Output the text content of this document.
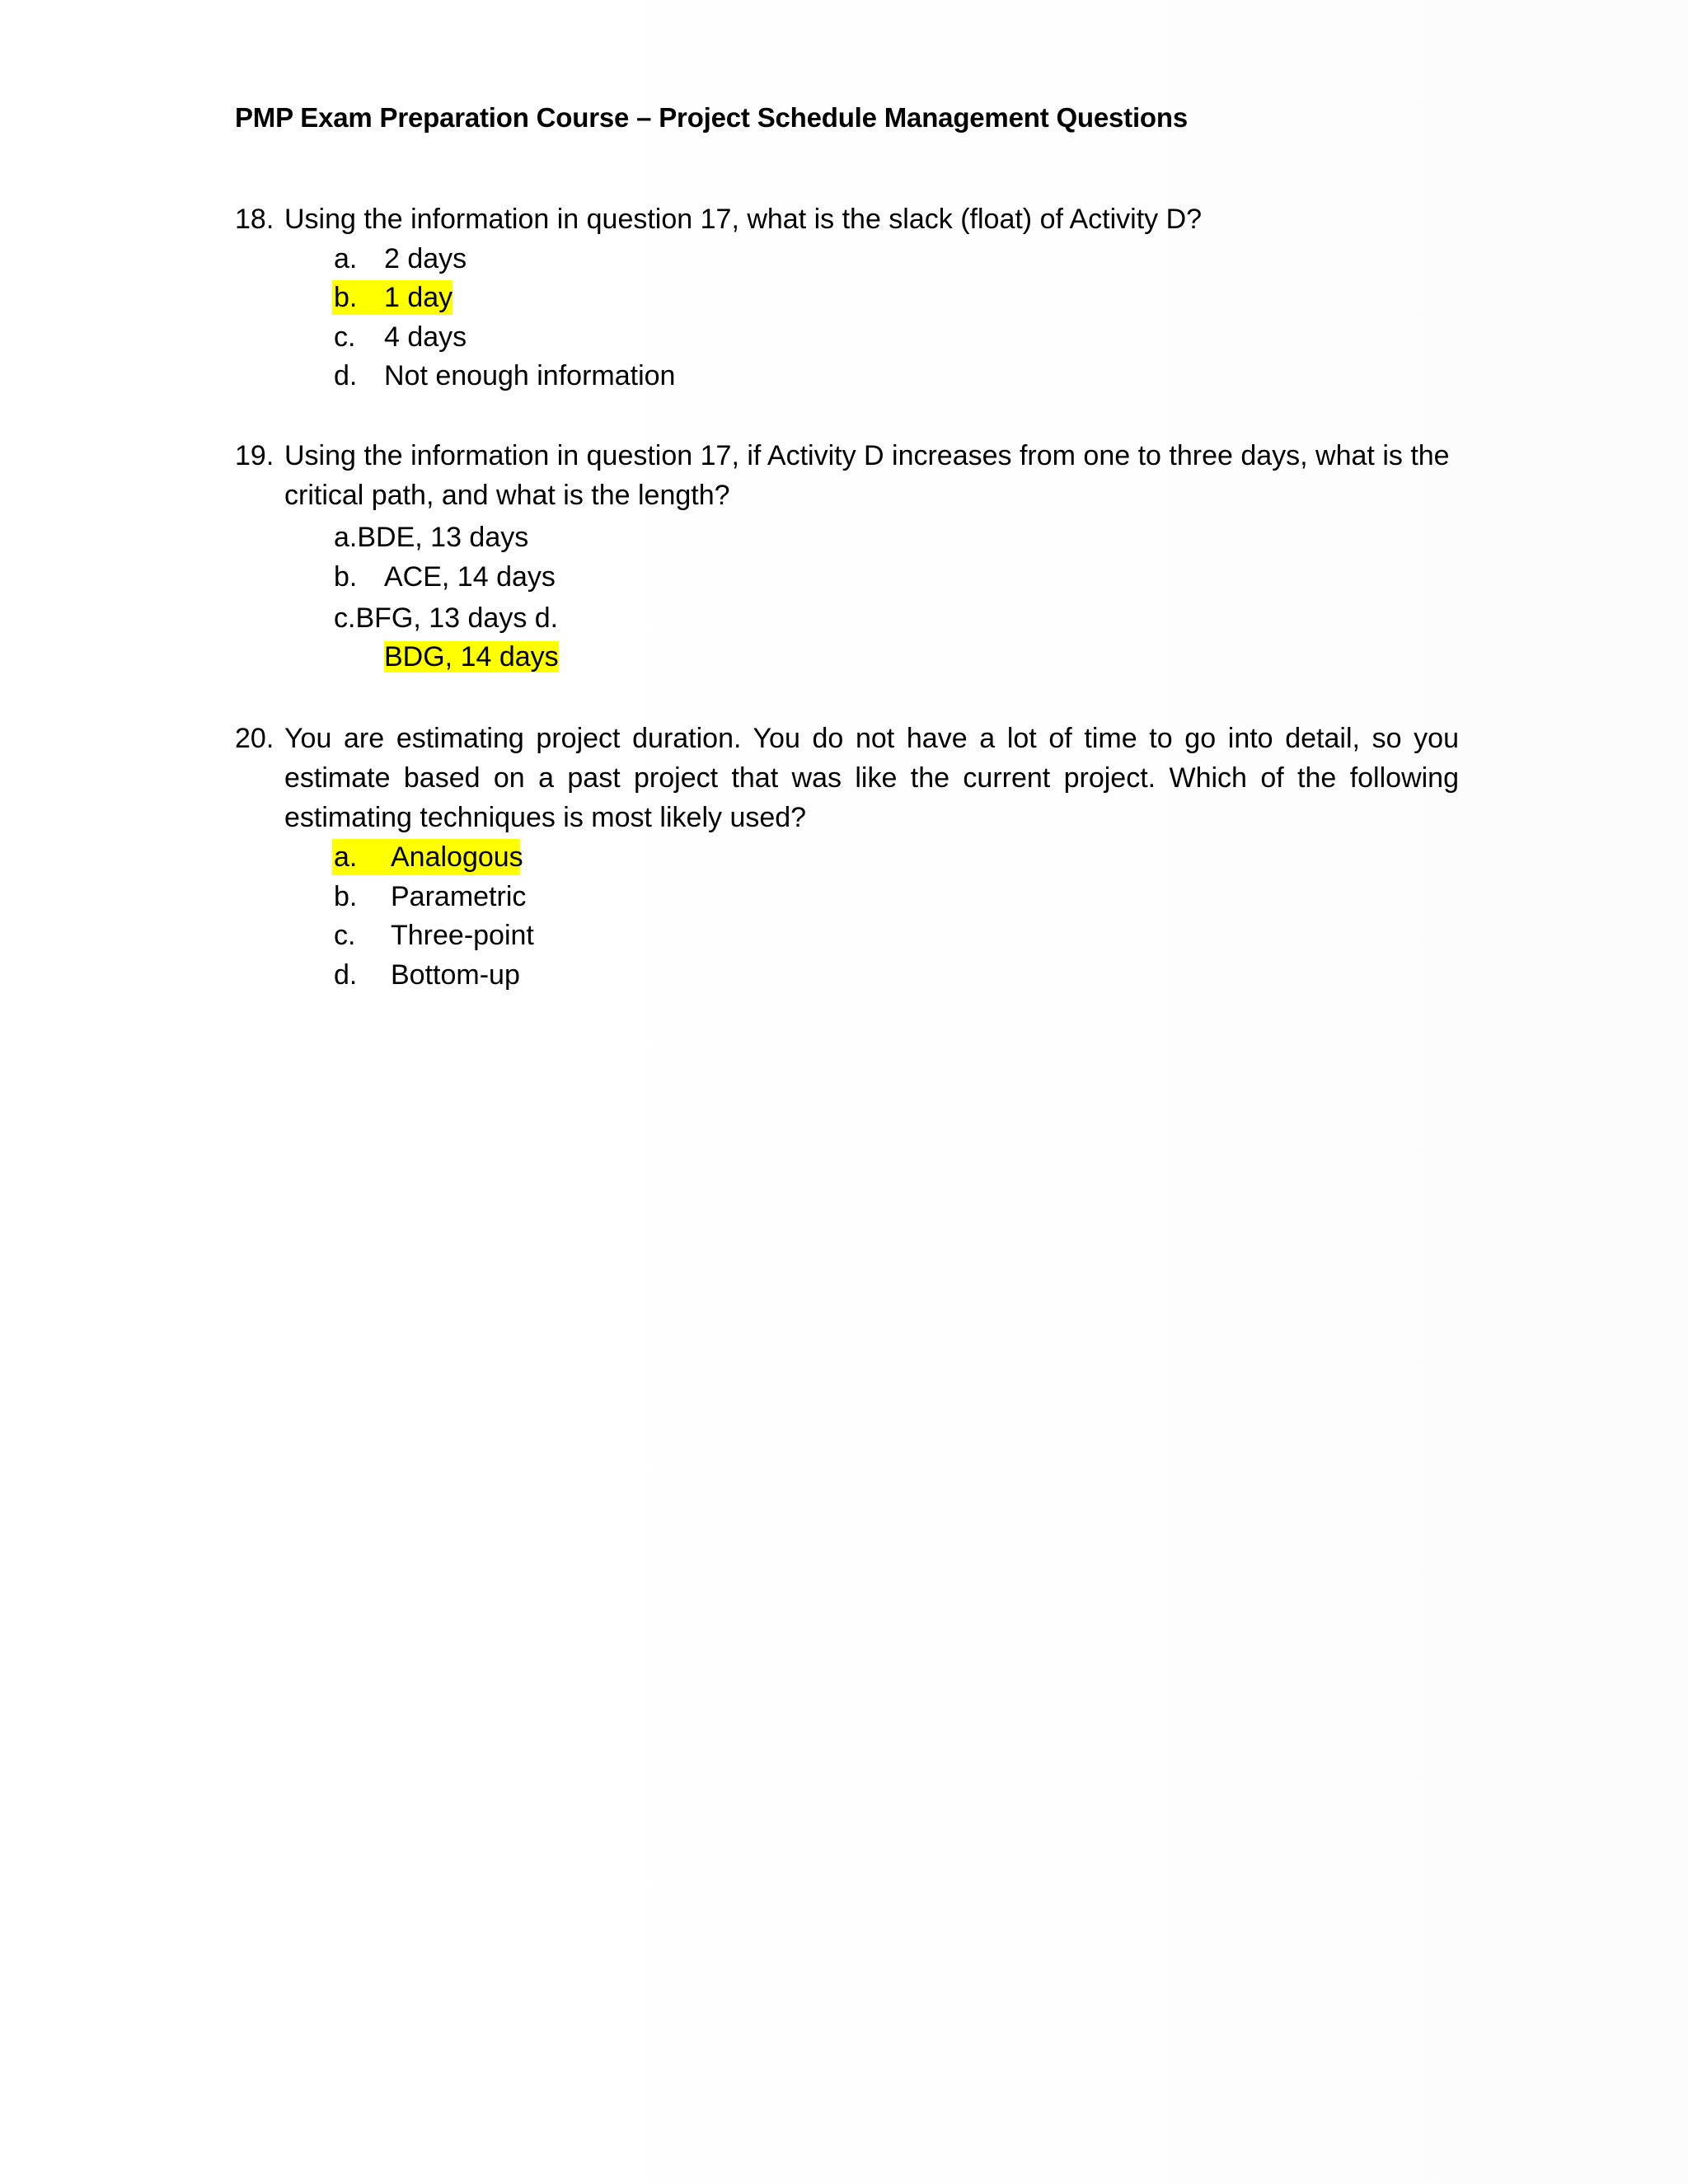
PMP Exam Preparation Course – Project Schedule Management Questions
18. Using the information in question 17, what is the slack (float) of Activity D?
a. 2 days
b. 1 day
c. 4 days
d. Not enough information
19. Using the information in question 17, if Activity D increases from one to three days, what is the
critical path, and what is the length?
a.BDE, 13 days
b. ACE, 14 days
c.BFG, 13 days d.
BDG, 14 days
20. You are estimating project duration. You do not have a lot of time to go into detail, so you
estimate based on a past project that was like the current project. Which of the following
estimating techniques is most likely used?
a. Analogous
b. Parametric
c. Three-point
d. Bottom-up
